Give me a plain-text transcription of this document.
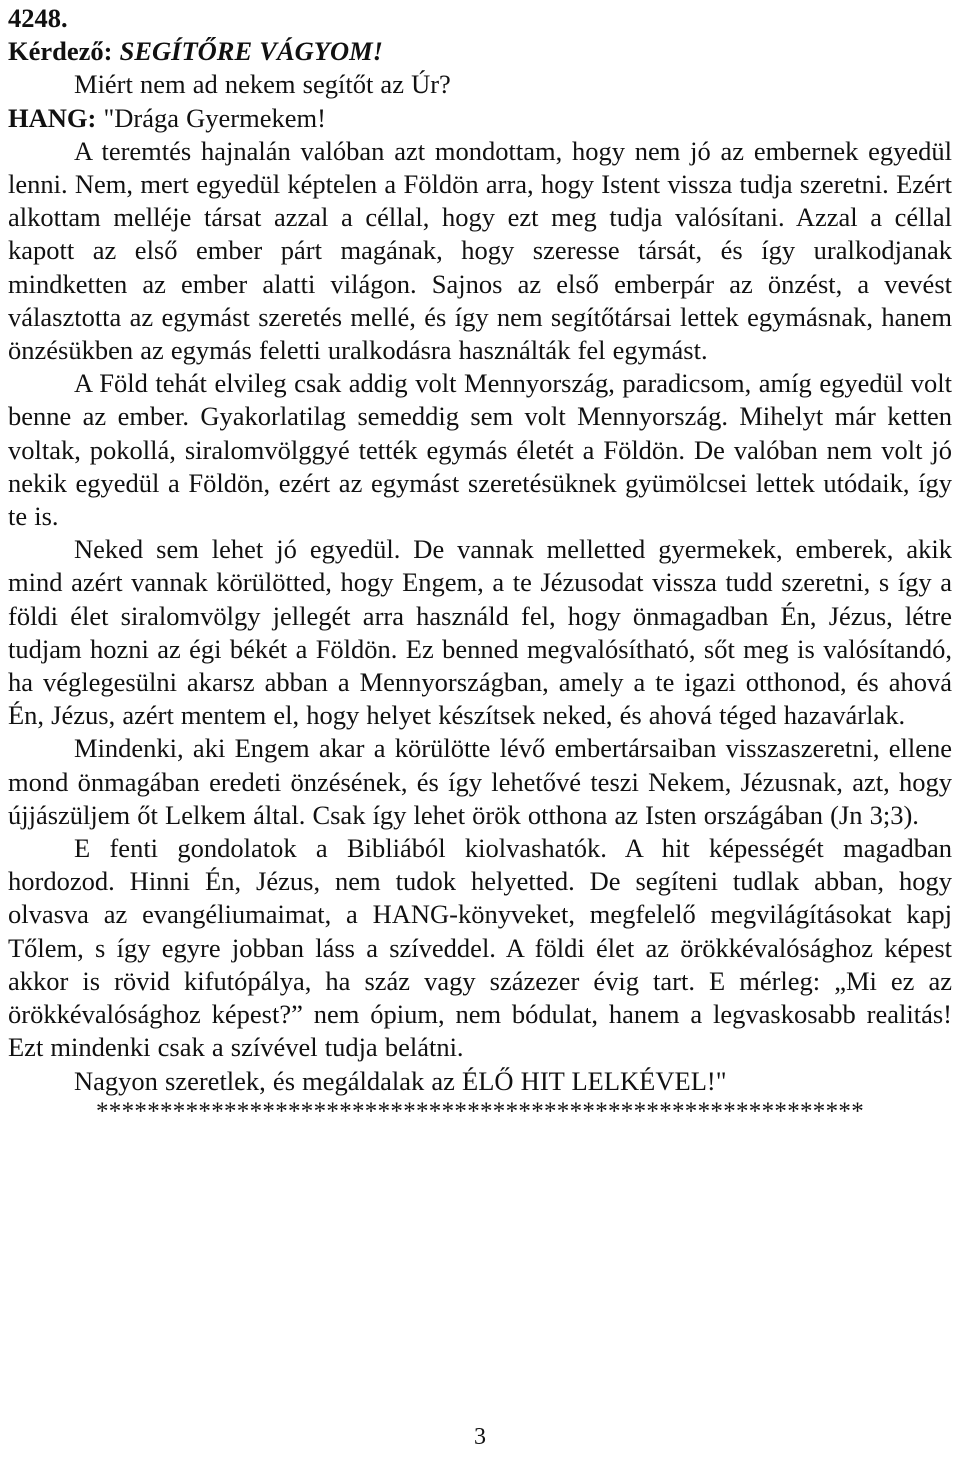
4248.
Kérdező: SEGÍTŐRE VÁGYOM!

Miért nem ad nekem segítőt az Úr?

HANG: "Drága Gyermekem!

A teremtés hajnalán valóban azt mondottam, hogy nem jó az embernek egyedül lenni. Nem, mert egyedül képtelen a Földön arra, hogy Istent vissza tudja szeretni. Ezért alkottam melléje társat azzal a céllal, hogy ezt meg tudja valósítani. Azzal a céllal kapott az első ember párt magának, hogy szeresse társát, és így uralkodjanak mindketten az ember alatti világon. Sajnos az első emberpár az önzést, a vevést választotta az egymást szeretés mellé, és így nem segítőtársai lettek egymásnak, hanem önzésükben az egymás feletti uralkodásra használták fel egymást.

A Föld tehát elvileg csak addig volt Mennyország, paradicsom, amíg egyedül volt benne az ember. Gyakorlatilag semeddig sem volt Mennyország. Mihelyt már ketten voltak, pokollá, siralomvölggyé tették egymás életét a Földön. De valóban nem volt jó nekik egyedül a Földön, ezért az egymást szeretésüknek gyümölcsei lettek utódaik, így te is.

Neked sem lehet jó egyedül. De vannak melletted gyermekek, emberek, akik mind azért vannak körülötted, hogy Engem, a te Jézusodat vissza tudd szeretni, s így a földi élet siralomvölgy jellegét arra használd fel, hogy önmagadban Én, Jézus, létre tudjam hozni az égi békét a Földön. Ez benned megvalósítható, sőt meg is valósítandó, ha véglegesülni akarsz abban a Mennyországban, amely a te igazi otthonod, és ahová Én, Jézus, azért mentem el, hogy helyet készítsek neked, és ahová téged hazavárlak.

Mindenki, aki Engem akar a körülötte lévő embertársaiban visszaszeretni, ellene mond önmagában eredeti önzésének, és így lehetővé teszi Nekem, Jézusnak, azt, hogy újjászüljem őt Lelkem által. Csak így lehet örök otthona az Isten országában (Jn 3;3).

E fenti gondolatok a Bibliából kiolvashatók. A hit képességét magadban hordozod. Hinni Én, Jézus, nem tudok helyetted. De segíteni tudlak abban, hogy olvasva az evangéliumaimat, a HANG-könyveket, megfelelő megvilágításokat kapj Tőlem, s így egyre jobban láss a szíveddel. A földi élet az örökkévalósághoz képest akkor is rövid kifutópálya, ha száz vagy százezer évig tart. E mérleg: „Mi ez az örökkévalósághoz képest?” nem ópium, nem bódulat, hanem a legvaskosabb realitás! Ezt mindenki csak a szívével tudja belátni.

Nagyon szeretlek, és megáldalak az ÉLŐ HIT LELKÉVEL!"

************************************************************
3
